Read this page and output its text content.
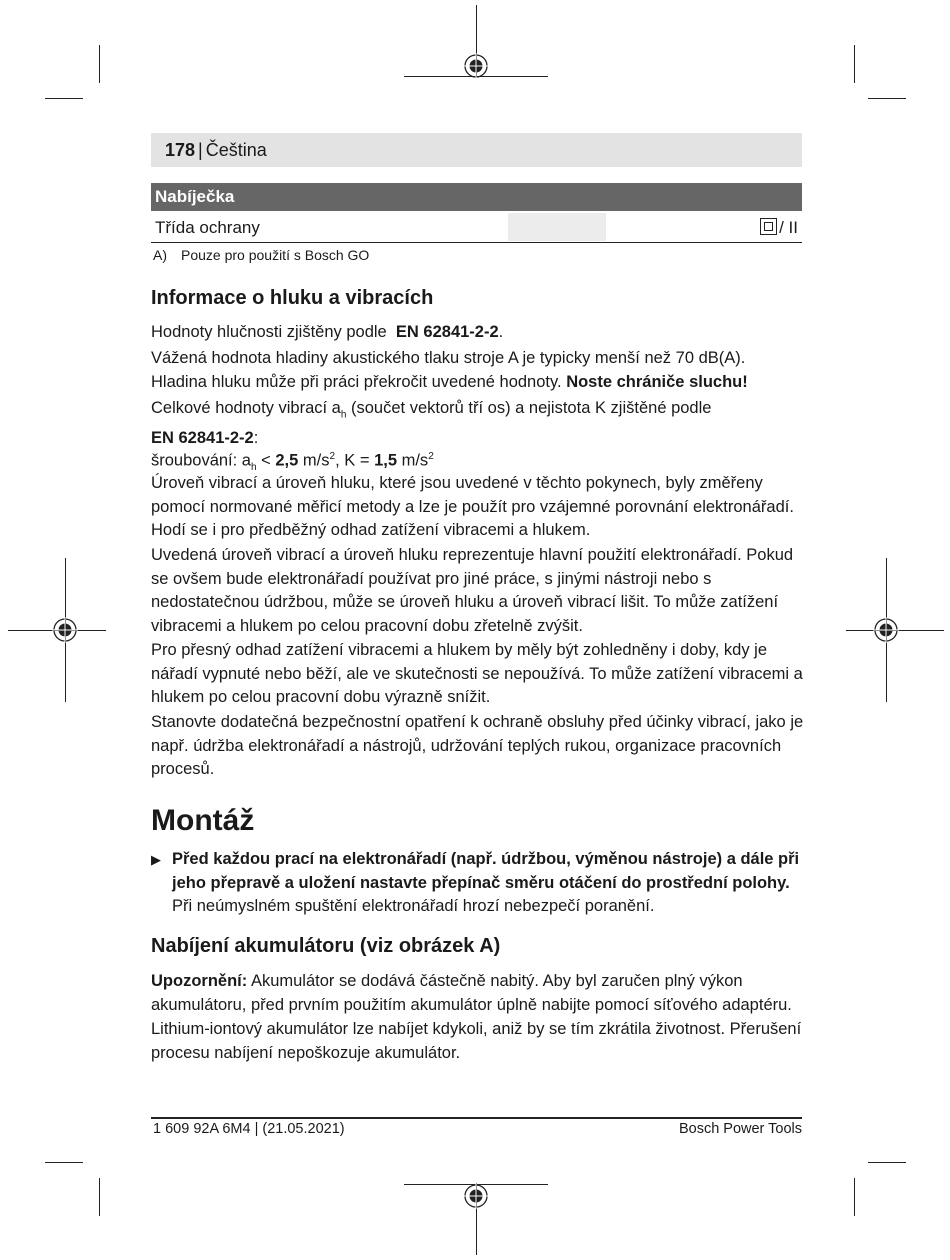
178 | Čeština
Nabíječka
Třída ochrany	/ II
A) Pouze pro použití s Bosch GO
Informace o hluku a vibracích
Hodnoty hlučnosti zjištěny podle EN 62841-2-2.
Vážená hodnota hladiny akustického tlaku stroje A je typicky menší než 70 dB(A).
Hladina hluku může při práci překročit uvedené hodnoty. Noste chrániče sluchu!
Celkové hodnoty vibrací $a_h$ (součet vektorů tří os) a nejistota K zjištěné podle
EN 62841-2-2:
šroubování: $a_h < 2,5$ $m/s^2$, K = 1,5 $m/s^2$
Úroveň vibrací a úroveň hluku, které jsou uvedené v těchto pokynech, byly změřeny pomocí normované měřicí metody a lze je použít pro vzájemné porovnání elektronářadí. Hodí se i pro předběžný odhad zatížení vibracemi a hlukem.
Uvedená úroveň vibrací a úroveň hluku reprezentuje hlavní použití elektronářadí. Pokud se ovšem bude elektronářadí používat pro jiné práce, s jinými nástroji nebo s nedostatečnou údržbou, může se úroveň hluku a úroveň vibrací lišit. To může zatížení vibracemi a hlukem po celou pracovní dobu zřetelně zvýšit.
Pro přesný odhad zatížení vibracemi a hlukem by měly být zohledněny i doby, kdy je nářadí vypnuté nebo běží, ale ve skutečnosti se nepoužívá. To může zatížení vibracemi a hlukem po celou pracovní dobu výrazně snížit.
Stanovte dodatečná bezpečnostní opatření k ochraně obsluhy před účinky vibrací, jako je např. údržba elektronářadí a nástrojů, udržování teplých rukou, organizace pracovních procesů.
Montáž
▶ Před každou prací na elektronářadí (např. údržbou, výměnou nástroje) a dále při jeho přepravě a uložení nastavte přepínač směru otáčení do prostřední polohy.
Při neúmyslném spuštění elektronářadí hrozí nebezpečí poranění.
Nabíjení akumulátoru (viz obrázek A)
Upozornění: Akumulátor se dodává částečně nabitý. Aby byl zaručen plný výkon akumulátoru, před prvním použitím akumulátor úplně nabijte pomocí síťového adaptéru.
Lithium-iontový akumulátor lze nabíjet kdykoli, aniž by se tím zkrátila životnost. Přerušení procesu nabíjení nepoškozuje akumulátor.
1 609 92A 6M4 | (21.05.2021)	Bosch Power Tools
